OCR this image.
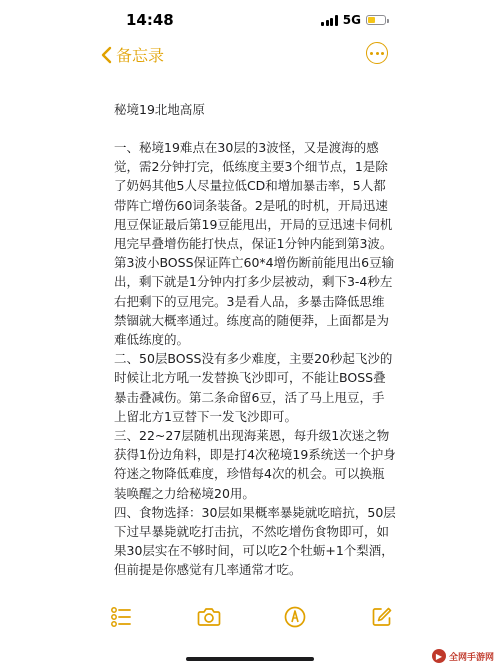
14:48	5G
备忘录

秘境19北地高原

一、秘境19难点在30层的3波怪，又是渡海的感觉，需2分钟打完，低练度主要3个细节点，1是除了奶妈其他5人尽量拉低CD和增加暴击率，5人都带阵亡增伤60词条装备。2是吼的时机，开局迅速甩豆保证最后第19豆能甩出，开局的豆迅速卡伺机甩完早叠增伤能打快点，保证1分钟内能到第3波。第3波小BOSS保证阵亡60*4增伤断前能甩出6豆输出，剩下就是1分钟内打多少层被动，剩下3-4秒左右把剩下的豆甩完。3是看人品，多暴击降低思维禁锢就大概率通过。练度高的随便莽，上面都是为难低练度的。

二、50层BOSS没有多少难度，主要20秒起飞沙的时候让北方吼一发替换飞沙即可，不能让BOSS叠暴击叠减伤。第二条命留6豆，活了马上甩豆，手上留北方1豆替下一发飞沙即可。

三、22~27层随机出现海莱恩，每升级1次迷之物获得1份边角料，即是打4次秘境19系统送一个护身符迷之物降低难度，珍惜每4次的机会。可以换瓶装唤醒之力给秘境20用。

四、食物选择：30层如果概率暴毙就吃暗抗，50层下过早暴毙就吃打击抗，不然吃增伤食物即可，如果30层实在不够时间，可以吃2个牡蛎+1个梨酒，但前提是你感觉有几率通常才吃。

▶ 全网手游网
